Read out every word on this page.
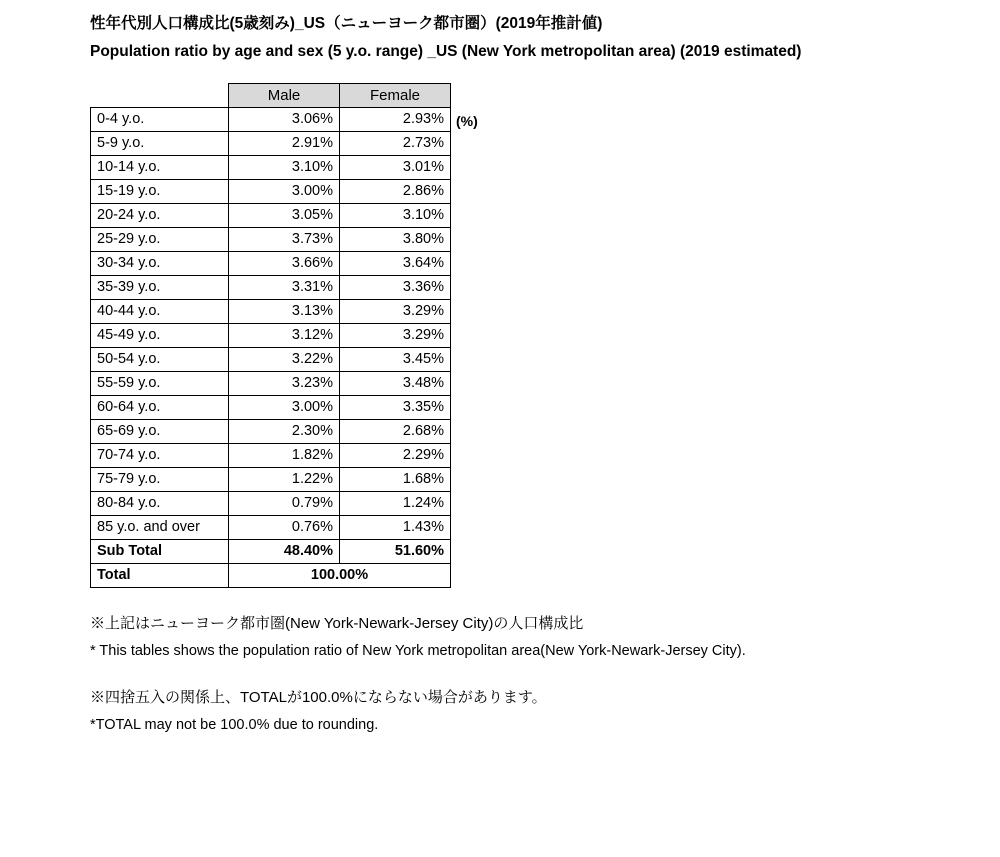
性年代別人口構成比(5歳刻み)_US（ニューヨーク都市圏）(2019年推計値)
Population ratio by age and sex (5 y.o. range) _US (New York metropolitan area) (2019 estimated)
	Male	Female
0-4 y.o.	3.06%	2.93%
5-9 y.o.	2.91%	2.73%
10-14 y.o.	3.10%	3.01%
15-19 y.o.	3.00%	2.86%
20-24 y.o.	3.05%	3.10%
25-29 y.o.	3.73%	3.80%
30-34 y.o.	3.66%	3.64%
35-39 y.o.	3.31%	3.36%
40-44 y.o.	3.13%	3.29%
45-49 y.o.	3.12%	3.29%
50-54 y.o.	3.22%	3.45%
55-59 y.o.	3.23%	3.48%
60-64 y.o.	3.00%	3.35%
65-69 y.o.	2.30%	2.68%
70-74 y.o.	1.82%	2.29%
75-79 y.o.	1.22%	1.68%
80-84 y.o.	0.79%	1.24%
85 y.o. and over	0.76%	1.43%
Sub Total	48.40%	51.60%
Total	100.00%	
(%)
※上記はニューヨーク都市圏(New York-Newark-Jersey City)の人口構成比
* This tables shows the population ratio of New York metropolitan area(New York-Newark-Jersey City).
※四捨五入の関係上、TOTALが100.0%にならない場合があります。
*TOTAL may not be 100.0% due to rounding.
